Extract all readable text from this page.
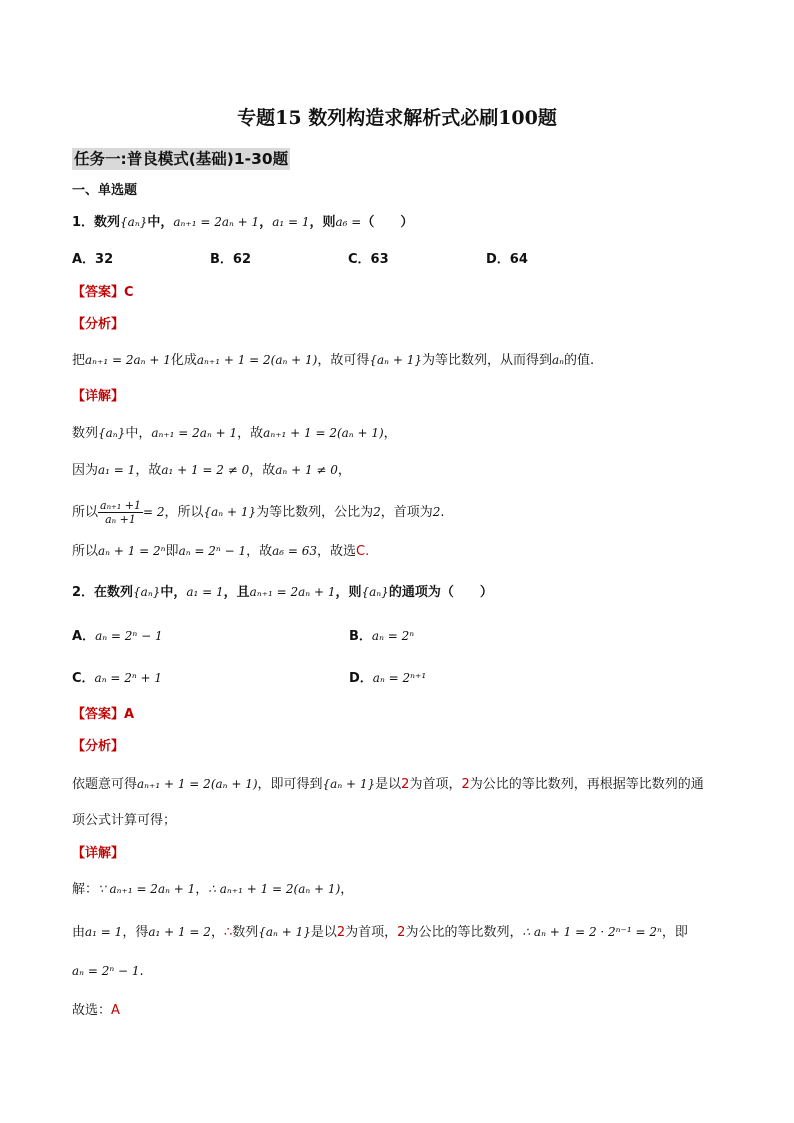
专题15 数列构造求解析式必刷100题
任务一:普良模式(基础)1-30题
一、单选题
1．数列{aₙ}中，aₙ₊₁ = 2aₙ + 1，a₁ = 1，则a₆ =（　　）
A．32	B．62	C．63	D．64
【答案】C
【分析】
把aₙ₊₁ = 2aₙ + 1化成aₙ₊₁ + 1 = 2(aₙ + 1)，故可得{aₙ + 1}为等比数列，从而得到aₙ的值.
【详解】
数列{aₙ}中，aₙ₊₁ = 2aₙ + 1，故aₙ₊₁ + 1 = 2(aₙ + 1)，
因为a₁ = 1，故a₁ + 1 = 2 ≠ 0，故aₙ + 1 ≠ 0，
所以 $\frac{\text{aₙ₊₁ +1}}{\text{aₙ +1}} = 2$，所以{aₙ + 1}为等比数列，公比为2，首项为2.
所以aₙ + 1 = 2ⁿ即aₙ = 2ⁿ − 1，故a₆ = 63，故选C.
2．在数列{aₙ}中，a₁ = 1，且aₙ₊₁ = 2aₙ + 1，则{aₙ}的通项为（　　）
A．aₙ = 2ⁿ − 1	B．aₙ = 2ⁿ
C．aₙ = 2ⁿ + 1	D．aₙ = 2ⁿ⁺¹
【答案】A
【分析】
依题意可得aₙ₊₁ + 1 = 2(aₙ + 1)，即可得到{aₙ + 1}是以2为首项，2为公比的等比数列，再根据等比数列的通
项公式计算可得；
【详解】
解：∵ aₙ₊₁ = 2aₙ + 1，∴ aₙ₊₁ + 1 = 2(aₙ + 1)，
由a₁ = 1，得a₁ + 1 = 2，∴数列{aₙ + 1}是以2为首项，2为公比的等比数列，∴ aₙ + 1 = 2 · 2ⁿ⁻¹ = 2ⁿ，即
aₙ = 2ⁿ − 1.
故选：A
